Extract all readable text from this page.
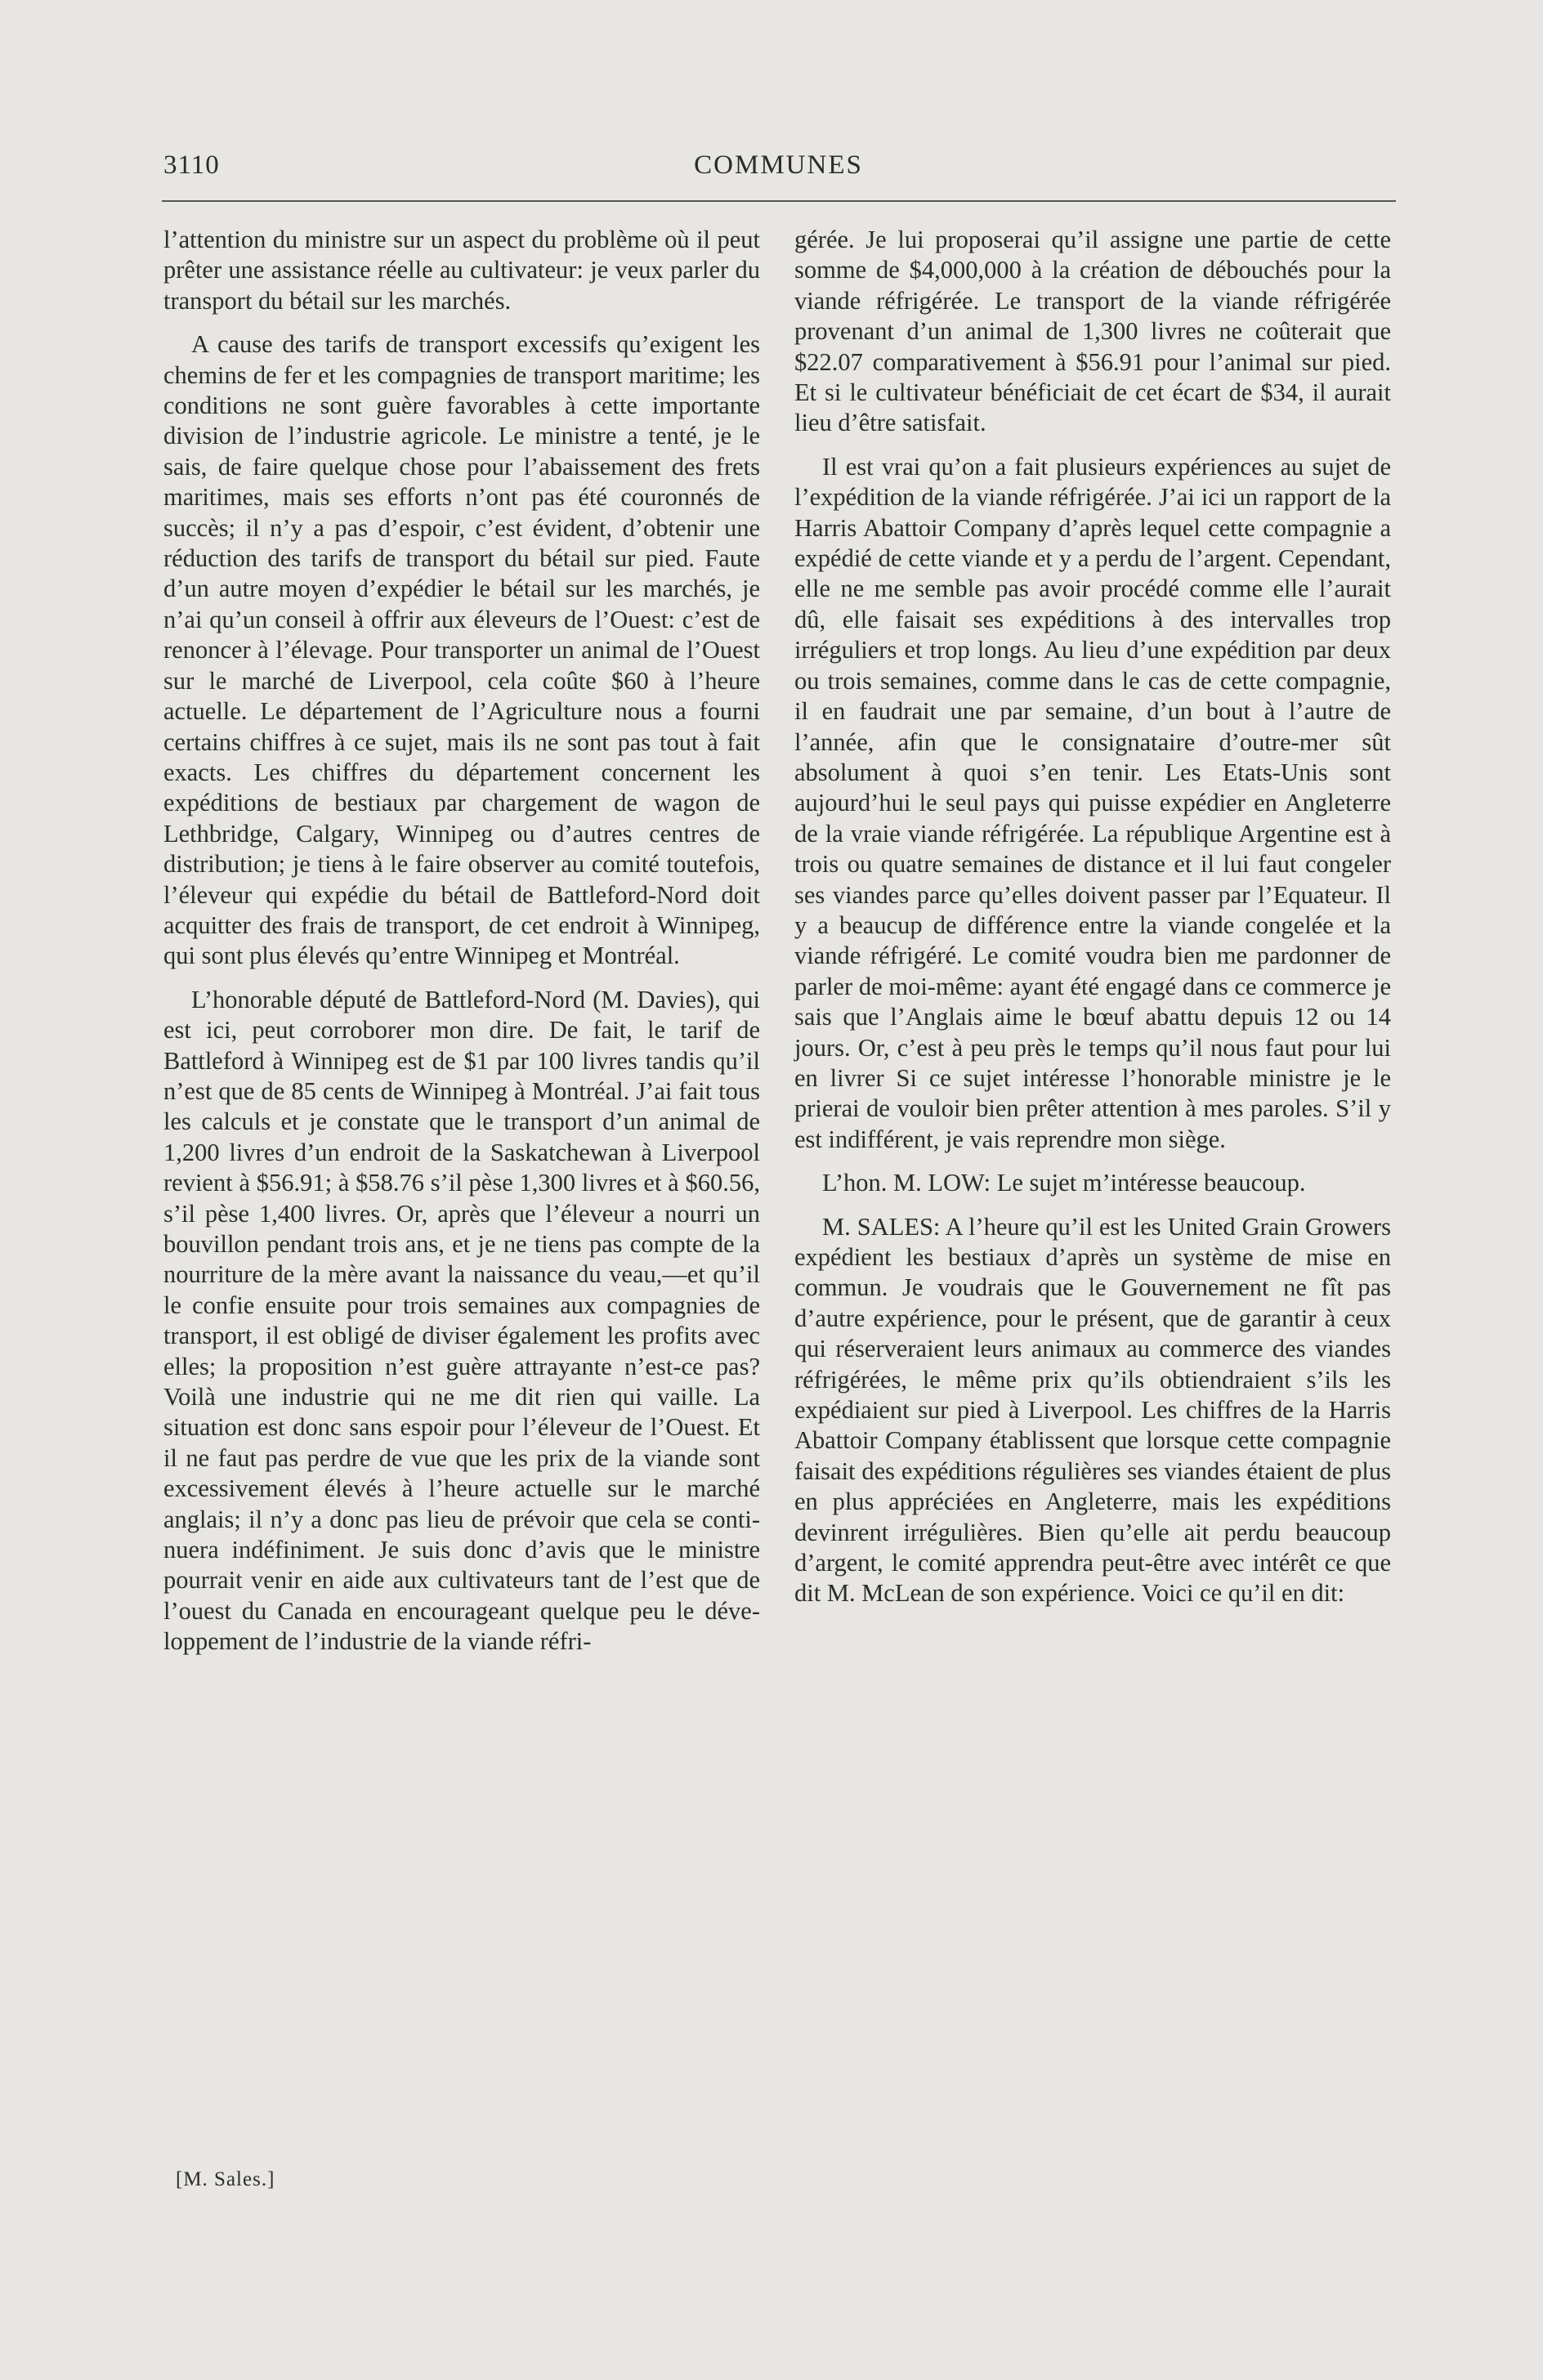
3110	COMMUNES

l’attention du ministre sur un aspect du problème où il peut prêter une assistance réelle au cultivateur: je veux parler du transport du bétail sur les marchés.

A cause des tarifs de transport excessifs qu’exigent les chemins de fer et les compagnies de transport maritime; les conditions ne sont guère favorables à cette importante division de l’industrie agricole. Le ministre a tenté, je le sais, de faire quelque chose pour l’abaissement des frets maritimes, mais ses efforts n’ont pas été couronnés de succès; il n’y a pas d’espoir, c’est évident, d’obtenir une réduction des tarifs de transport du bétail sur pied. Faute d’un autre moyen d’expédier le bétail sur les marchés, je n’ai qu’un conseil à offrir aux éleveurs de l’Ouest: c’est de renoncer à l’élevage. Pour transporter un animal de l’Ouest sur le marché de Liverpool, cela coûte $60 à l’heure actuelle. Le département de l’Agriculture nous a fourni certains chiffres à ce sujet, mais ils ne sont pas tout à fait exacts. Les chiffres du département concernent les expéditions de bestiaux par chargement de wagon de Lethbridge, Calgary, Winnipeg ou d’autres centres de distribution; je tiens à le faire observer au comité toutefois, l’éleveur qui expédie du bétail de Battleford-Nord doit acquitter des frais de transport, de cet endroit à Winnipeg, qui sont plus élevés qu’entre Winnipeg et Montréal.

L’honorable député de Battleford-Nord (M. Davies), qui est ici, peut corroborer mon dire. De fait, le tarif de Battleford à Winnipeg est de $1 par 100 livres tandis qu’il n’est que de 85 cents de Winnipeg à Montréal. J’ai fait tous les calculs et je constate que le transport d’un animal de 1,200 livres d’un endroit de la Saskatchewan à Liverpool revient à $56.91; à $58.76 s’il pèse 1,300 livres et à $60.56, s’il pèse 1,400 livres. Or, après que l’éleveur a nourri un bouvillon pendant trois ans, et je ne tiens pas compte de la nourriture de la mère avant la naissance du veau,—et qu’il le confie ensuite pour trois semaines aux compagnies de transport, il est obligé de diviser également les profits avec elles; la proposition n’est guère attrayante n’est-ce pas? Voilà une industrie qui ne me dit rien qui vaille. La situation est donc sans espoir pour l’éleveur de l’Ouest. Et il ne faut pas perdre de vue que les prix de la viande sont excessivement élevés à l’heure actuelle sur le marché anglais; il n’y a donc pas lieu de prévoir que cela se continuera indéfiniment. Je suis donc d’avis que le ministre pourrait venir en aide aux cultivateurs tant de l’est que de l’ouest du Canada en encourageant quelque peu le développement de l’industrie de la viande réfri-

gérée. Je lui proposerai qu’il assigne une partie de cette somme de $4,000,000 à la création de débouchés pour la viande réfrigérée. Le transport de la viande réfrigérée provenant d’un animal de 1,300 livres ne coûterait que $22.07 comparativement à $56.91 pour l’animal sur pied. Et si le cultivateur bénéficiait de cet écart de $34, il aurait lieu d’être satisfait.

Il est vrai qu’on a fait plusieurs expériences au sujet de l’expédition de la viande réfrigérée. J’ai ici un rapport de la Harris Abattoir Company d’après lequel cette compagnie a expédié de cette viande et y a perdu de l’argent. Cependant, elle ne me semble pas avoir procédé comme elle l’aurait dû, elle faisait ses expéditions à des intervalles trop irréguliers et trop longs. Au lieu d’une expédition par deux ou trois semaines, comme dans le cas de cette compagnie, il en faudrait une par semaine, d’un bout à l’autre de l’année, afin que le consignataire d’outre-mer sût absolument à quoi s’en tenir. Les Etats-Unis sont aujourd’hui le seul pays qui puisse expédier en Angleterre de la vraie viande réfrigérée. La république Argentine est à trois ou quatre semaines de distance et il lui faut congeler ses viandes parce qu’elles doivent passer par l’Equateur. Il y a beaucup de différence entre la viande congelée et la viande réfrigéré. Le comité voudra bien me pardonner de parler de moi-même: ayant été engagé dans ce commerce je sais que l’Anglais aime le bœuf abattu depuis 12 ou 14 jours. Or, c’est à peu près le temps qu’il nous faut pour lui en livrer Si ce sujet intéresse l’honorable ministre je le prierai de vouloir bien prêter attention à mes paroles. S’il y est indifférent, je vais reprendre mon siège.

L’hon. M. LOW: Le sujet m’intéresse beaucoup.

M. SALES: A l’heure qu’il est les United Grain Growers expédient les bestiaux d’après un système de mise en commun. Je voudrais que le Gouvernement ne fît pas d’autre expérience, pour le présent, que de garantir à ceux qui réserveraient leurs animaux au commerce des viandes réfrigérées, le même prix qu’ils obtiendraient s’ils les expédiaient sur pied à Liverpool. Les chiffres de la Harris Abattoir Company établissent que lorsque cette compagnie faisait des expéditions régulières ses viandes étaient de plus en plus appréciées en Angleterre, mais les expéditions devinrent irrégulières. Bien qu’elle ait perdu beaucoup d’argent, le comité apprendra peut-être avec intérêt ce que dit M. McLean de son expérience. Voici ce qu’il en dit:

[M. Sales.]
